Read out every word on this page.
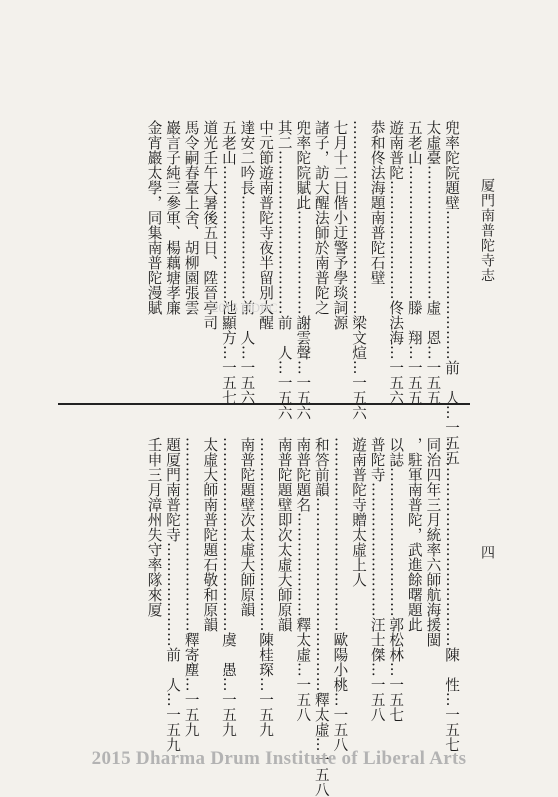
厦門南普陀寺志
兜率陀院題壁…………………………前　人…一五五
太虛臺………………………虛　恩…一五五
五老山………………………滕　翔…一五五
遊南普陀……………………佟法海…一五六
恭和佟法海題南普陀石壁
…………………………………梁文煊…一五六
七月十二日偕小迂警予學琰詞源
諸子，訪大醒法師於南普陀之
兜率陀院賦此…………………謝雲聲…一五六
其二……………………………前　人…一五六
中元節遊南普陀寺夜半留別大醒
達安二吟長…………………前　人…一五六
五老山………………………池顯方…一五七
道光壬午大暑後五日、陞晉亭司
馬令嗣春臺上舍、胡柳園張雲
巖言子純三參軍、楊藕塘孝廉
金宵巖太學，同集南普陀漫賦	2015 DDBC
四
……………………………………陳　性…一五七
同治四年三月統率六師航海援閩
，駐軍南普陀，武進餘曙題此
以誌…………………………郭松林…一五七
普陀寺………………………汪士傑…一五八
遊南普陀寺贈太虛上人
…………………………………歐陽小桃…一五八
和答前韻…………………………………釋太虛…一五八
南普陀題名…………………釋太虛…一五八
南普陀題壁即次太虛大師原韻
…………………………………陳桂琛…一五九
南普陀題壁次太虛大師原韻
…………………………………虞　愚…一五九
太虛大師南普陀題石敬和原韻
…………………………………釋寄塵…一五九
題厦門南普陀寺…………………前　人…一五九
壬申三月漳州失守率隊來厦
2015 Dharma Drum Institute of Liberal Arts
